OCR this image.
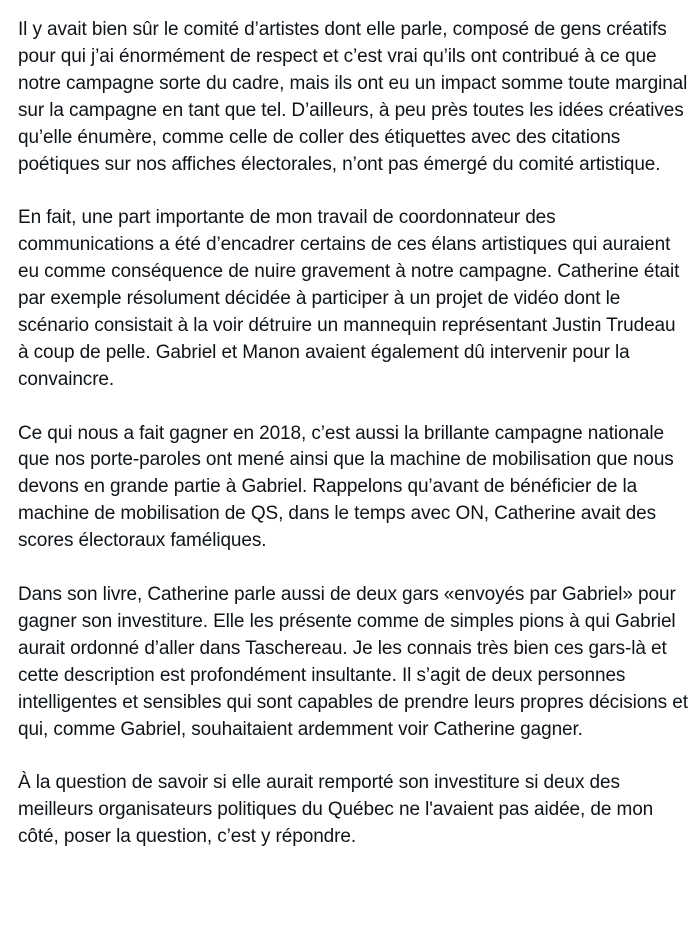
Il y avait bien sûr le comité d’artistes dont elle parle, composé de gens créatifs pour qui j’ai énormément de respect et c’est vrai qu’ils ont contribué à ce que notre campagne sorte du cadre, mais ils ont eu un impact somme toute marginal sur la campagne en tant que tel. D’ailleurs, à peu près toutes les idées créatives qu’elle énumère, comme celle de coller des étiquettes avec des citations poétiques sur nos affiches électorales, n’ont pas émergé du comité artistique.

En fait, une part importante de mon travail de coordonnateur des communications a été d’encadrer certains de ces élans artistiques qui auraient eu comme conséquence de nuire gravement à notre campagne. Catherine était par exemple résolument décidée à participer à un projet de vidéo dont le scénario consistait à la voir détruire un mannequin représentant Justin Trudeau à coup de pelle. Gabriel et Manon avaient également dû intervenir pour la convaincre.

Ce qui nous a fait gagner en 2018, c’est aussi la brillante campagne nationale que nos porte-paroles ont mené ainsi que la machine de mobilisation que nous devons en grande partie à Gabriel. Rappelons qu’avant de bénéficier de la machine de mobilisation de QS, dans le temps avec ON, Catherine avait des scores électoraux faméliques.

Dans son livre, Catherine parle aussi de deux gars «envoyés par Gabriel» pour gagner son investiture. Elle les présente comme de simples pions à qui Gabriel aurait ordonné d’aller dans Taschereau. Je les connais très bien ces gars-là et cette description est profondément insultante. Il s’agit de deux personnes intelligentes et sensibles qui sont capables de prendre leurs propres décisions et qui, comme Gabriel, souhaitaient ardemment voir Catherine gagner.

À la question de savoir si elle aurait remporté son investiture si deux des meilleurs organisateurs politiques du Québec ne l'avaient pas aidée, de mon côté, poser la question, c’est y répondre.
